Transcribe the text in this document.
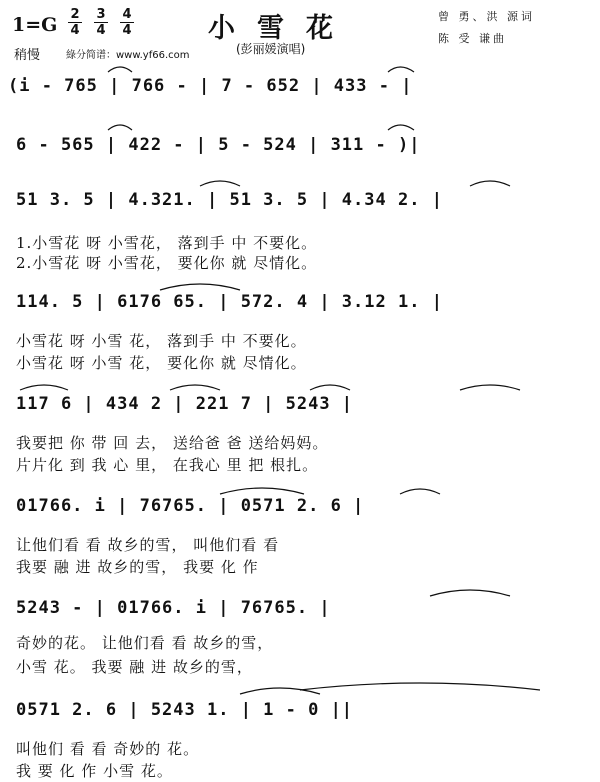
1=G 2
4
3
4
4
4	小雪花	曾 勇、洪 源词
陈 受 谦曲
稍慢	綠分简谱：www.yf66.com	(彭丽媛演唱)
(i - 765 | 766 - | 7 - 652 | 433 - |
6 - 565 | 422 - | 5 - 524 | 311 - )|
51 3. 5 | 4.321. | 51 3. 5 | 4.34 2. |
1.小雪花 呀 小雪花， 落到手 中 不要化。
2.小雪花 呀 小雪花， 要化你 就 尽情化。
114. 5 | 6176 65. | 572. 4 | 3.12 1. |
小雪花 呀 小雪 花， 落到手 中 不要化。
小雪花 呀 小雪 花， 要化你 就 尽情化。
117 6 | 434 2 | 221 7 | 5243 |
我要把 你 带 回 去， 送给爸 爸 送给妈妈。
片片化 到 我 心 里， 在我心 里 把 根扎。
01766. i | 76765. | 0571 2. 6 |
让他们看 看 故乡的雪， 叫他们看 看
我要 融 进 故乡的雪， 我要 化 作
5243 - | 01766. i | 76765. |
奇妙的花。 让他们看 看 故乡的雪，
小雪 花。 我要 融 进 故乡的雪，
0571 2. 6 | 5243 1. | 1 - 0 ||
叫他们 看 看 奇妙的 花。
我 要 化 作 小雪 花。
